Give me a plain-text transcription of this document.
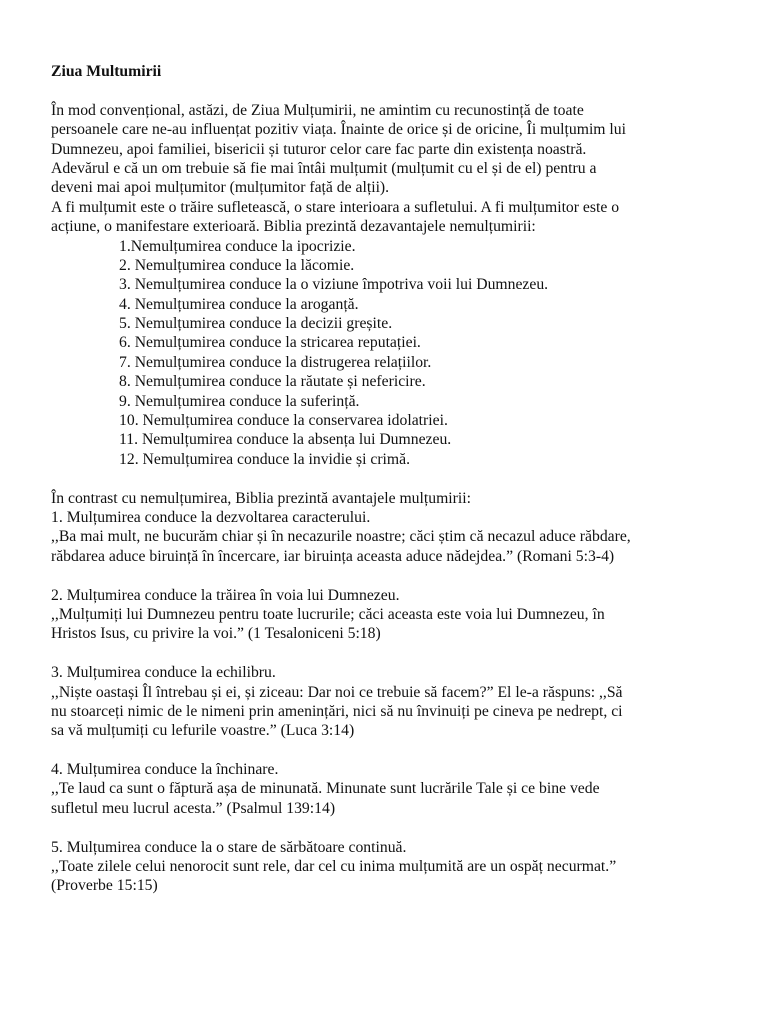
Ziua Multumirii
În mod convențional, astăzi, de Ziua Mulțumirii, ne amintim cu recunostință de toate
persoanele care ne-au influențat pozitiv viața. Înainte de orice și de oricine, Îi mulțumim lui
Dumnezeu, apoi familiei, bisericii și tuturor celor care fac parte din existența noastră.
Adevărul e că un om trebuie să fie mai întâi mulțumit (mulțumit cu el și de el) pentru a
deveni mai apoi mulțumitor (mulțumitor față de alții).
A fi mulțumit este o trăire sufletească, o stare interioara a sufletului. A fi mulțumitor este o
acțiune, o manifestare exterioară. Biblia prezintă dezavantajele nemulțumirii:
1.Nemulțumirea conduce la ipocrizie.
2. Nemulțumirea conduce la lăcomie.
3. Nemulțumirea conduce la o viziune împotriva voii lui Dumnezeu.
4. Nemulțumirea conduce la aroganță.
5. Nemulțumirea conduce la decizii greșite.
6. Nemulțumirea conduce la stricarea reputației.
7. Nemulțumirea conduce la distrugerea relațiilor.
8. Nemulțumirea conduce la răutate și nefericire.
9. Nemulțumirea conduce la suferință.
10. Nemulțumirea conduce la conservarea idolatriei.
11. Nemulțumirea conduce la absența lui Dumnezeu.
12. Nemulțumirea conduce la invidie și crimă.
În contrast cu nemulțumirea, Biblia prezintă avantajele mulțumirii:
1. Mulțumirea conduce la dezvoltarea caracterului.
,,Ba mai mult, ne bucurăm chiar și în necazurile noastre; căci știm că necazul aduce răbdare,
răbdarea aduce biruință în încercare, iar biruința aceasta aduce nădejdea.” (Romani 5:3-4)
2. Mulțumirea conduce la trăirea în voia lui Dumnezeu.
,,Mulțumiți lui Dumnezeu pentru toate lucrurile; căci aceasta este voia lui Dumnezeu, în
Hristos Isus, cu privire la voi.” (1 Tesaloniceni 5:18)
3. Mulțumirea conduce la echilibru.
,,Niște oastași Îl întrebau și ei, și ziceau: Dar noi ce trebuie să facem?” El le-a răspuns: ,,Să
nu stoarceți nimic de le nimeni prin amenințări, nici să nu învinuiți pe cineva pe nedrept, ci
sa vă mulțumiți cu lefurile voastre.” (Luca 3:14)
4. Mulțumirea conduce la închinare.
,,Te laud ca sunt o făptură așa de minunată. Minunate sunt lucrările Tale și ce bine vede
sufletul meu lucrul acesta.” (Psalmul 139:14)
5. Mulțumirea conduce la o stare de sărbătoare continuă.
,,Toate zilele celui nenorocit sunt rele, dar cel cu inima mulțumită are un ospăț necurmat.”
(Proverbe 15:15)
